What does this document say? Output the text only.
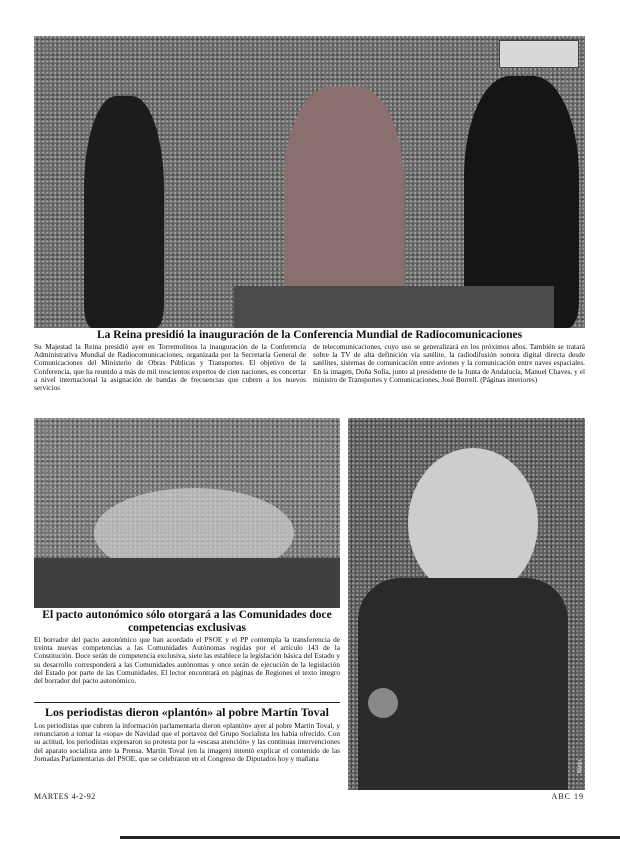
La Reina presidió la inauguración de la Conferencia Mundial de Radiocomunicaciones
Su Majestad la Reina presidió ayer en Torremolinos la inauguración de la Conferencia Administrativa Mundial de Radiocomunicaciones, organizada por la Secretaría General de Comunicaciones del Ministerio de Obras Públicas y Transportes. El objetivo de la Conferencia, que ha reunido a más de mil trescientos expertos de cien naciones, es concertar a nivel internacional la asignación de bandas de frecuencias que cubren a los nuevos servicios
de telecomunicaciones, cuyo uso se generalizará en los próximos años. También se tratará sobre la TV de alta definición vía satélite, la radiodifusión sonora digital directa desde satélites, sistemas de comunicación entre aviones y la comunicación entre naves espaciales. En la imagen, Doña Sofía, junto al presidente de la Junta de Andalucía, Manuel Chaves, y el ministro de Transportes y Comunicaciones, José Borrell. (Páginas interiores)
El pacto autonómico sólo otorgará a las Comunidades doce competencias exclusivas
El borrador del pacto autonómico que han acordado el PSOE y el PP contempla la transferencia de treinta nuevas competencias a las Comunidades Autónomas regidas por el artículo 143 de la Constitución. Doce serán de competencia exclusiva, siete las establece la legislación básica del Estado y su desarrollo corresponderá a las Comunidades autónomas y once serán de ejecución de la legislación del Estado por parte de las Comunidades. El lector encontrará en páginas de Regiones el texto íntegro del borrador del pacto autonómico.
Los periodistas dieron «plantón» al pobre Martín Toval
Los periodistas que cubren la información parlamentaria dieron «plantón» ayer al pobre Martín Toval, y renunciaron a tomar la «sopa» de Navidad que el portavoz del Grupo Socialista les había ofrecido. Con su actitud, los periodistas expresaron su protesta por la «escasa atención» y las continuas intervenciones del aparato socialista ante la Prensa. Martín Toval (en la imagen) intentó explicar el contenido de las Jornadas Parlamentarias del PSOE, que se celebraron en el Congreso de Diputados hoy y mañana
Nieto
MARTES 4-2-92	ABC 19
